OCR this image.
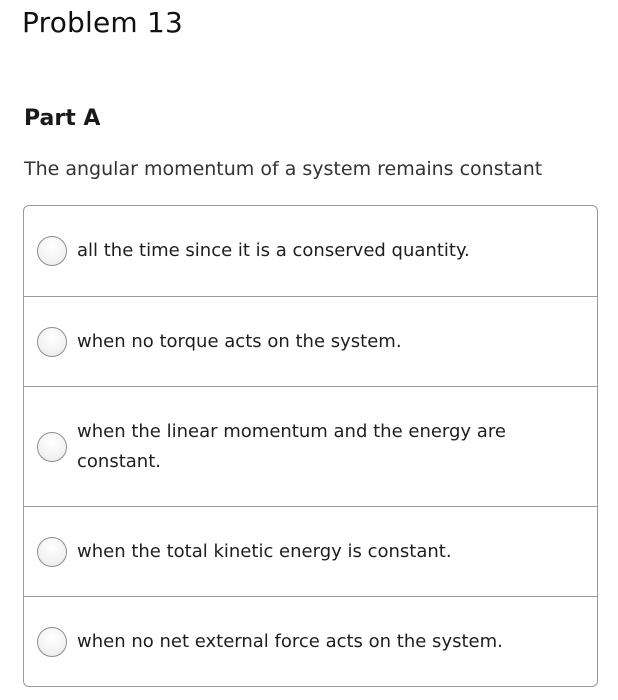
Problem 13
Part A
The angular momentum of a system remains constant
all the time since it is a conserved quantity.
when no torque acts on the system.
when the linear momentum and the energy are constant.
when the total kinetic energy is constant.
when no net external force acts on the system.
